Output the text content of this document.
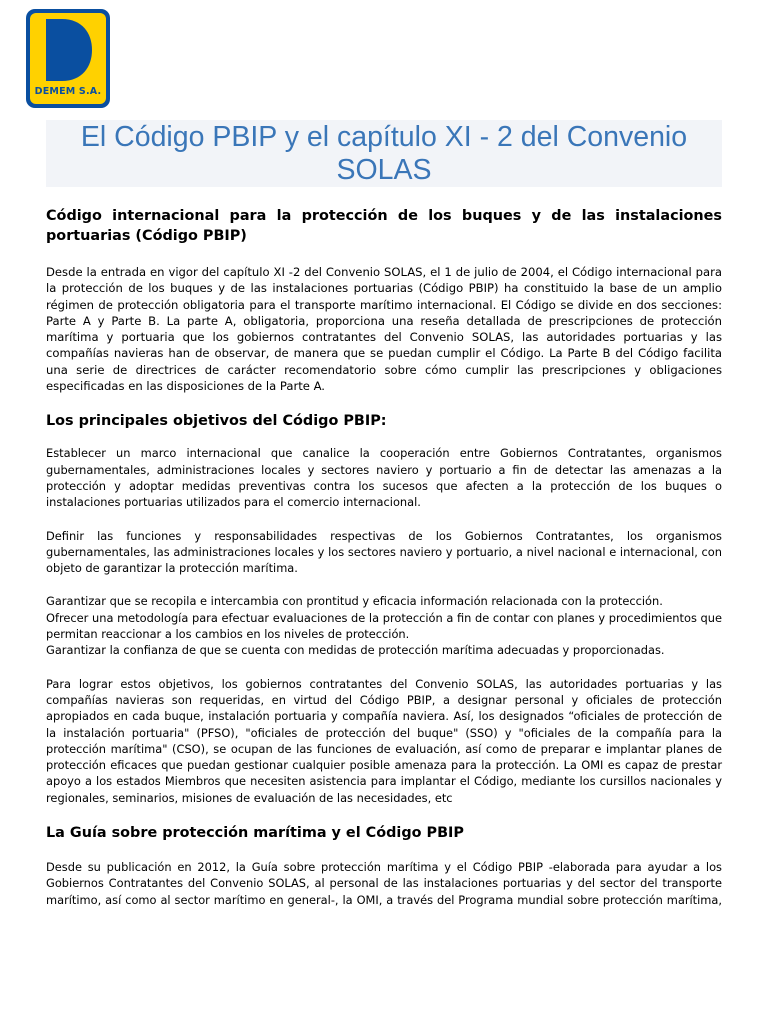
DEMEM S.A.
El Código PBIP y el capítulo XI - 2 del Convenio SOLAS

Código internacional para la protección de los buques y de las instalaciones portuarias (Código PBIP)

Desde la entrada en vigor del capítulo XI -2 del Convenio SOLAS, el 1 de julio de 2004, el Código internacional para la protección de los buques y de las instalaciones portuarias (Código PBIP) ha constituido la base de un amplio régimen de protección obligatoria para el transporte marítimo internacional. El Código se divide en dos secciones: Parte A y Parte B. La parte A, obligatoria, proporciona una reseña detallada de prescripciones de protección marítima y portuaria que los gobiernos contratantes del Convenio SOLAS, las autoridades portuarias y las compañías navieras han de observar, de manera que se puedan cumplir el Código. La Parte B del Código facilita una serie de directrices de carácter recomendatorio sobre cómo cumplir las prescripciones y obligaciones especificadas en las disposiciones de la Parte A.

Los principales objetivos del Código PBIP:

Establecer un marco internacional que canalice la cooperación entre Gobiernos Contratantes, organismos gubernamentales, administraciones locales y sectores naviero y portuario a fin de detectar las amenazas a la protección y adoptar medidas preventivas contra los sucesos que afecten a la protección de los buques o instalaciones portuarias utilizados para el comercio internacional.

Definir las funciones y responsabilidades respectivas de los Gobiernos Contratantes, los organismos gubernamentales, las administraciones locales y los sectores naviero y portuario, a nivel nacional e internacional, con objeto de garantizar la protección marítima.

Garantizar que se recopila e intercambia con prontitud y eficacia información relacionada con la protección.

Ofrecer una metodología para efectuar evaluaciones de la protección a fin de contar con planes y procedimientos que permitan reaccionar a los cambios en los niveles de protección.

Garantizar la confianza de que se cuenta con medidas de protección marítima adecuadas y proporcionadas.

Para lograr estos objetivos, los gobiernos contratantes del Convenio SOLAS, las autoridades portuarias y las compañías navieras son requeridas, en virtud del Código PBIP, a designar personal y oficiales de protección apropiados en cada buque, instalación portuaria y compañía naviera. Así, los designados “oficiales de protección de la instalación portuaria" (PFSO), "oficiales de protección del buque" (SSO) y "oficiales de la compañía para la protección marítima" (CSO), se ocupan de las funciones de evaluación, así como de preparar e implantar planes de protección eficaces que puedan gestionar cualquier posible amenaza para la protección. La OMI es capaz de prestar apoyo a los estados Miembros que necesiten asistencia para implantar el Código, mediante los cursillos nacionales y regionales, seminarios, misiones de evaluación de las necesidades, etc

La Guía sobre protección marítima y el Código PBIP

Desde su publicación en 2012, la Guía sobre protección marítima y el Código PBIP -elaborada para ayudar a los Gobiernos Contratantes del Convenio SOLAS, al personal de las instalaciones portuarias y del sector del transporte marítimo, así como al sector marítimo en general-, la OMI, a través del Programa mundial sobre protección marítima,
